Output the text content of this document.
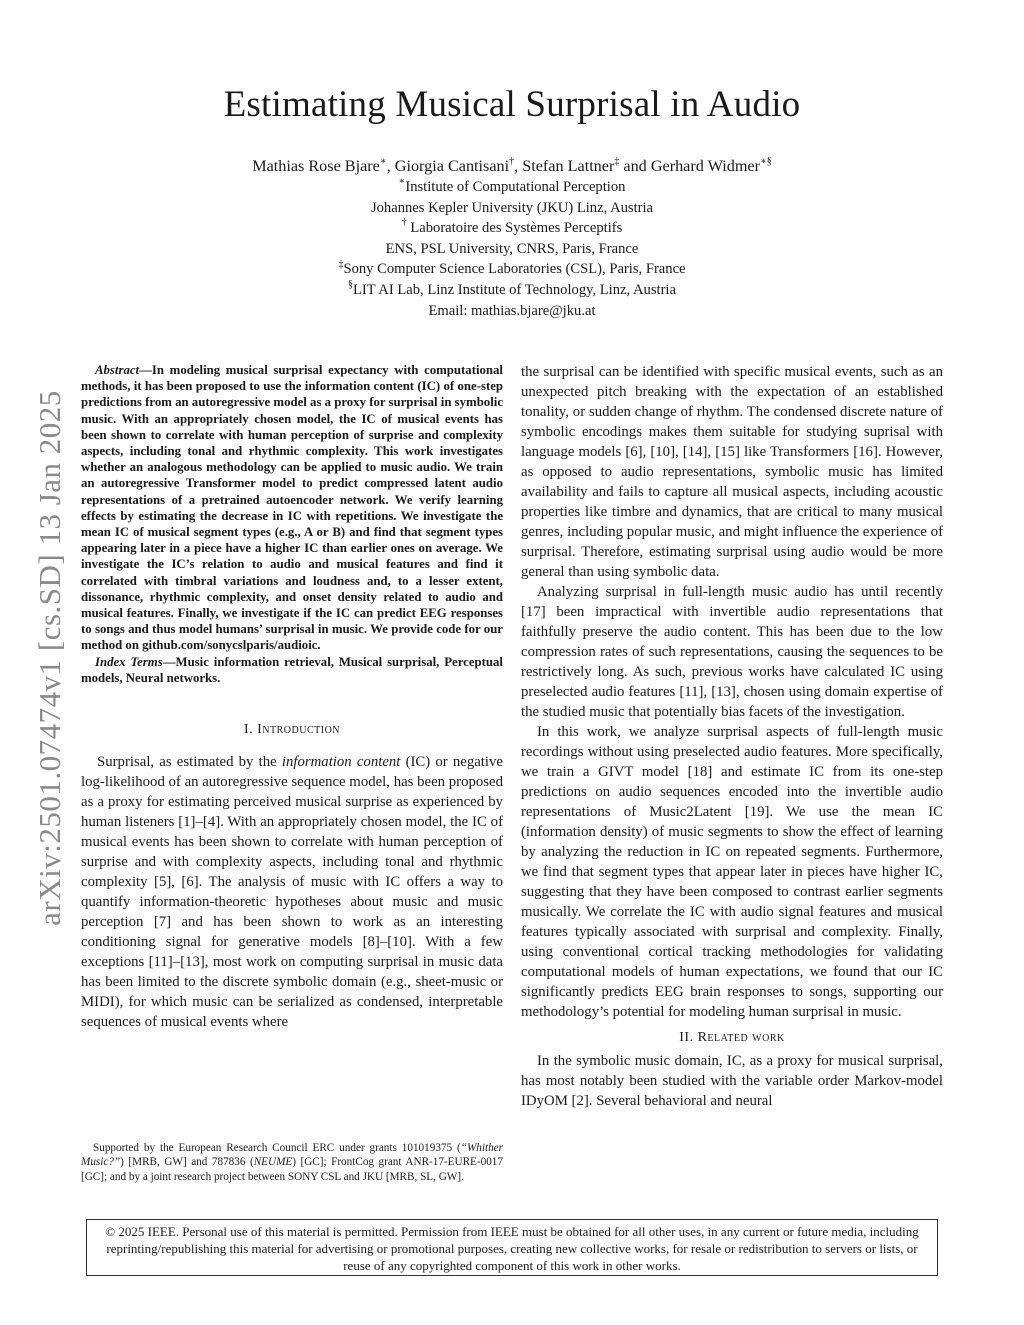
Estimating Musical Surprisal in Audio
Mathias Rose Bjare∗, Giorgia Cantisani†, Stefan Lattner‡ and Gerhard Widmer∗§
∗Institute of Computational Perception
Johannes Kepler University (JKU) Linz, Austria
† Laboratoire des Systèmes Perceptifs
ENS, PSL University, CNRS, Paris, France
‡Sony Computer Science Laboratories (CSL), Paris, France
§LIT AI Lab, Linz Institute of Technology, Linz, Austria
Email: mathias.bjare@jku.at
arXiv:2501.07474v1 [cs.SD] 13 Jan 2025

Abstract—In modeling musical surprisal expectancy with computational methods, it has been proposed to use the information content (IC) of one-step predictions from an autoregressive model as a proxy for surprisal in symbolic music. With an appropriately chosen model, the IC of musical events has been shown to correlate with human perception of surprise and complexity aspects, including tonal and rhythmic complexity. This work investigates whether an analogous methodology can be applied to music audio. We train an autoregressive Transformer model to predict compressed latent audio representations of a pretrained autoencoder network. We verify learning effects by estimating the decrease in IC with repetitions. We investigate the mean IC of musical segment types (e.g., A or B) and find that segment types appearing later in a piece have a higher IC than earlier ones on average. We investigate the IC’s relation to audio and musical features and find it correlated with timbral variations and loudness and, to a lesser extent, dissonance, rhythmic complexity, and onset density related to audio and musical features. Finally, we investigate if the IC can predict EEG responses to songs and thus model humans’ surprisal in music. We provide code for our method on github.com/sonycslparis/audioic.

Index Terms—Music information retrieval, Musical surprisal, Perceptual models, Neural networks.

I. Introduction

Surprisal, as estimated by the information content (IC) or negative log-likelihood of an autoregressive sequence model, has been proposed as a proxy for estimating perceived musical surprise as experienced by human listeners [1]–[4]. With an appropriately chosen model, the IC of musical events has been shown to correlate with human perception of surprise and with complexity aspects, including tonal and rhythmic complexity [5], [6]. The analysis of music with IC offers a way to quantify information-theoretic hypotheses about music and music perception [7] and has been shown to work as an interesting conditioning signal for generative models [8]–[10]. With a few exceptions [11]–[13], most work on computing surprisal in music data has been limited to the discrete symbolic domain (e.g., sheet-music or MIDI), for which music can be serialized as condensed, interpretable sequences of musical events where

the surprisal can be identified with specific musical events, such as an unexpected pitch breaking with the expectation of an established tonality, or sudden change of rhythm. The condensed discrete nature of symbolic encodings makes them suitable for studying suprisal with language models [6], [10], [14], [15] like Transformers [16]. However, as opposed to audio representations, symbolic music has limited availability and fails to capture all musical aspects, including acoustic properties like timbre and dynamics, that are critical to many musical genres, including popular music, and might influence the experience of surprisal. Therefore, estimating surprisal using audio would be more general than using symbolic data.

Analyzing surprisal in full-length music audio has until recently [17] been impractical with invertible audio representations that faithfully preserve the audio content. This has been due to the low compression rates of such representations, causing the sequences to be restrictively long. As such, previous works have calculated IC using preselected audio features [11], [13], chosen using domain expertise of the studied music that potentially bias facets of the investigation.

In this work, we analyze surprisal aspects of full-length music recordings without using preselected audio features. More specifically, we train a GIVT model [18] and estimate IC from its one-step predictions on audio sequences encoded into the invertible audio representations of Music2Latent [19]. We use the mean IC (information density) of music segments to show the effect of learning by analyzing the reduction in IC on repeated segments. Furthermore, we find that segment types that appear later in pieces have higher IC, suggesting that they have been composed to contrast earlier segments musically. We correlate the IC with audio signal features and musical features typically associated with surprisal and complexity. Finally, using conventional cortical tracking methodologies for validating computational models of human expectations, we found that our IC significantly predicts EEG brain responses to songs, supporting our methodology’s potential for modeling human surprisal in music.

II. Related work

In the symbolic music domain, IC, as a proxy for musical surprisal, has most notably been studied with the variable order Markov-model IDyOM [2]. Several behavioral and neural

Supported by the European Research Council ERC under grants 101019375 (“Whither Music?”) [MRB, GW] and 787836 (NEUME) [GC]; FrontCog grant ANR-17-EURE-0017 [GC]; and by a joint research project between SONY CSL and JKU [MRB, SL, GW].
© 2025 IEEE. Personal use of this material is permitted. Permission from IEEE must be obtained for all other uses, in any current or future media, including reprinting/republishing this material for advertising or promotional purposes, creating new collective works, for resale or redistribution to servers or lists, or reuse of any copyrighted component of this work in other works.
